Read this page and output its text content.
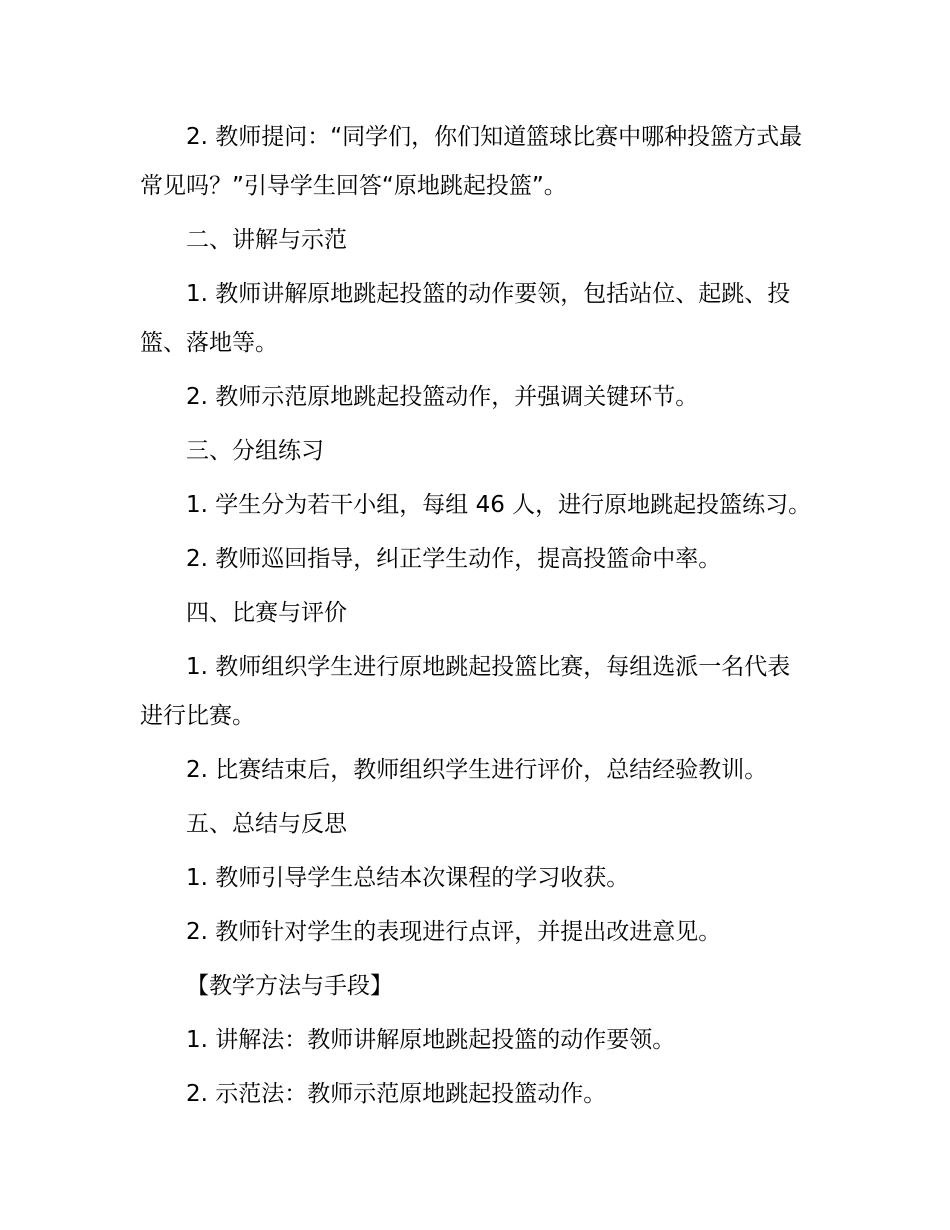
2. 教师提问：“同学们，你们知道篮球比赛中哪种投篮方式最常见吗？”引导学生回答“原地跳起投篮”。

二、讲解与示范

1. 教师讲解原地跳起投篮的动作要领，包括站位、起跳、投篮、落地等。

2. 教师示范原地跳起投篮动作，并强调关键环节。

三、分组练习

1. 学生分为若干小组，每组 46 人，进行原地跳起投篮练习。

2. 教师巡回指导，纠正学生动作，提高投篮命中率。

四、比赛与评价

1. 教师组织学生进行原地跳起投篮比赛，每组选派一名代表进行比赛。

2. 比赛结束后，教师组织学生进行评价，总结经验教训。

五、总结与反思

1. 教师引导学生总结本次课程的学习收获。

2. 教师针对学生的表现进行点评，并提出改进意见。

【教学方法与手段】

1. 讲解法：教师讲解原地跳起投篮的动作要领。

2. 示范法：教师示范原地跳起投篮动作。
